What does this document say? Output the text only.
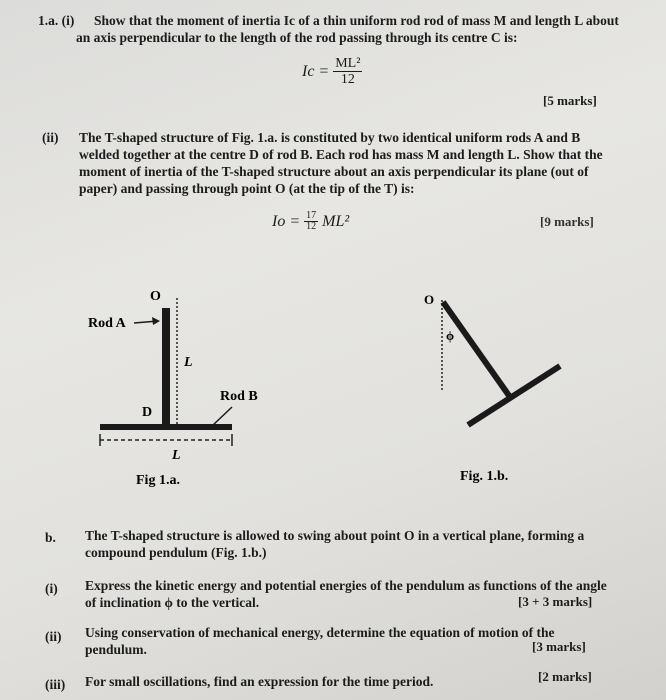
1.a. (i) Show that the moment of inertia Ic of a thin uniform rod rod of mass M and length L about
an axis perpendicular to the length of the rod passing through its centre C is:
$Ic = \frac{\text{ML²}}{12}$
[5 marks]
(ii) The T-shaped structure of Fig. 1.a. is constituted by two identical uniform rods A and B
welded together at the centre D of rod B. Each rod has mass M and length L. Show that the
moment of inertia of the T-shaped structure about an axis perpendicular its plane (out of
paper) and passing through point O (at the tip of the T) is:
$Io = \frac{17}{12} ML^2$	[9 marks]
O
Rod A
L
Rod B
D
L
Fig 1.a.
O
ϕ
Fig. 1.b.
b. The T-shaped structure is allowed to swing about point O in a vertical plane, forming a
compound pendulum (Fig. 1.b.)
(i) Express the kinetic energy and potential energies of the pendulum as functions of the angle
of inclination ϕ to the vertical.	[3 + 3 marks]
(ii) Using conservation of mechanical energy, determine the equation of motion of the
pendulum.	[3 marks]
(iii) For small oscillations, find an expression for the time period.	[2 marks]
